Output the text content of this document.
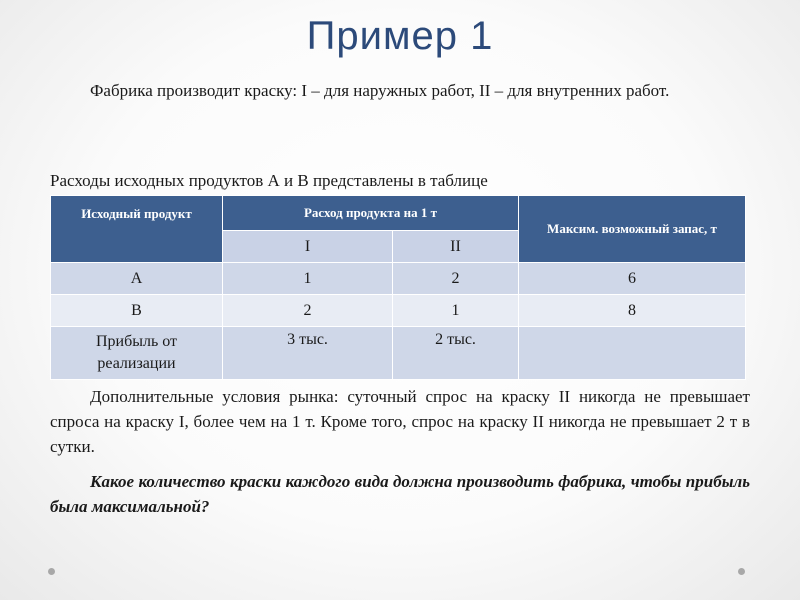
Пример 1
Фабрика производит краску: I – для наружных работ, II – для внутренних работ.
Расходы исходных продуктов А и В представлены в таблице
Исходный продукт	Расход продукта на 1 т		Максим. возможный запас, т
	I	II	
А	1	2	6
В	2	1	8
Прибыль от реализации	3 тыс.	2 тыс.	
Дополнительные условия рынка: суточный спрос на краску II никогда не превышает спроса на краску I, более чем на 1 т. Кроме того, спрос на краску II никогда не превышает 2 т в сутки.
Какое количество краски каждого вида должна производить фабрика, чтобы прибыль была максимальной?
